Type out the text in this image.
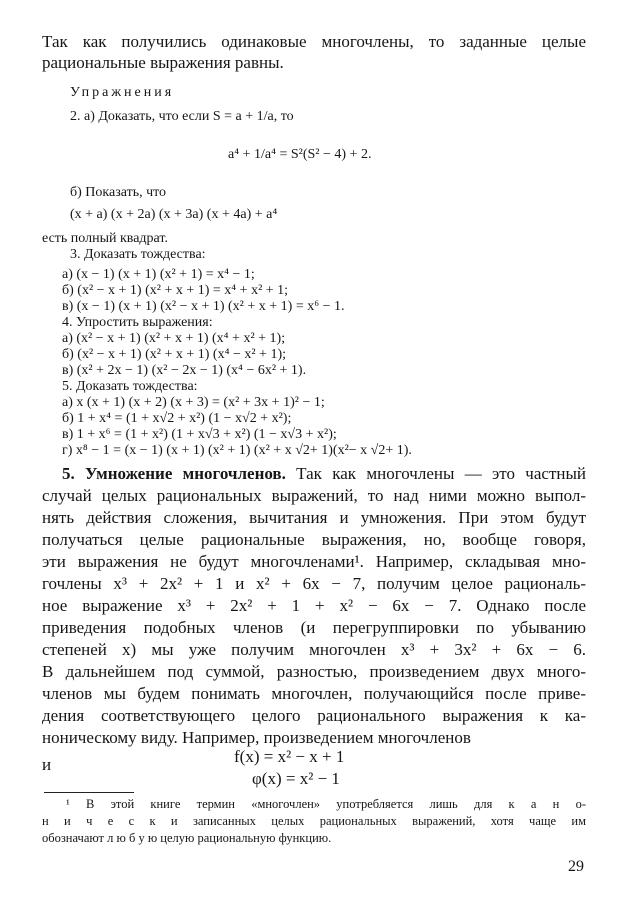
Так как получились одинаковые многочлены, то заданные целые
рациональные выражения равны.
Упражнения
2. а) Доказать, что если S = a + 1/a, то
a⁴ + 1/a⁴ = S²(S² − 4) + 2.
б) Показать, что
(x + a) (x + 2a) (x + 3a) (x + 4a) + a⁴
есть полный квадрат.
3. Доказать тождества:
а) (x − 1) (x + 1) (x² + 1) = x⁴ − 1;
б) (x² − x + 1) (x² + x + 1) = x⁴ + x² + 1;
в) (x − 1) (x + 1) (x² − x + 1) (x² + x + 1) = x⁶ − 1.
4. Упростить выражения:
а) (x² − x + 1) (x² + x + 1) (x⁴ + x² + 1);
б) (x² − x + 1) (x² + x + 1) (x⁴ − x² + 1);
в) (x² + 2x − 1) (x² − 2x − 1) (x⁴ − 6x² + 1).
5. Доказать тождества:
а) x (x + 1) (x + 2) (x + 3) = (x² + 3x + 1)² − 1;
б) 1 + x⁴ = (1 + x√2 + x²) (1 − x√2 + x²);
в) 1 + x⁶ = (1 + x²) (1 + x√3 + x²) (1 − x√3 + x²);
г) x⁸ − 1 = (x − 1) (x + 1) (x² + 1) (x² + x √2+ 1)(x²− x √2+ 1).
5. Умножение многочленов. Так как многочлены — это частный
случай целых рациональных выражений, то над ними можно выпол-
нять действия сложения, вычитания и умножения. При этом будут
получаться целые рациональные выражения, но, вообще говоря,
эти выражения не будут многочленами¹. Например, складывая мно-
гочлены x³ + 2x² + 1 и x² + 6x − 7, получим целое рациональ-
ное выражение x³ + 2x² + 1 + x² − 6x − 7. Однако после
приведения подобных членов (и перегруппировки по убыванию
степеней x) мы уже получим многочлен x³ + 3x² + 6x − 6.
В дальнейшем под суммой, разностью, произведением двух много-
членов мы будем понимать многочлен, получающийся после приве-
дения соответствующего целого рационального выражения к ка-
ноническому виду. Например, произведением многочленов
и	f(x) = x² − x + 1
φ(x) = x² − 1
¹ В этой книге термин «многочлен» употребляется лишь для к а н о-
н и ч е с к и записанных целых рациональных выражений, хотя чаще им
обозначают л ю б у ю целую рациональную функцию.
29
